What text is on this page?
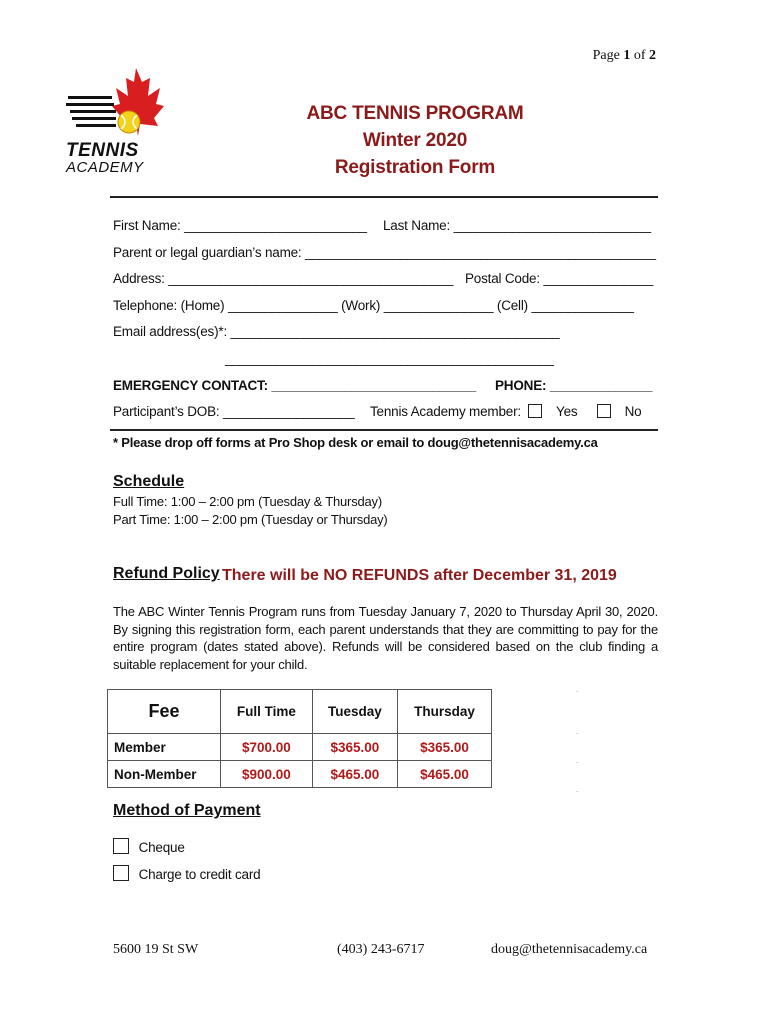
Page 1 of 2
TENNIS
ACADEMY
ABC TENNIS PROGRAM
Winter 2020
Registration Form
First Name: _________________________ Last Name: ___________________________
Parent or legal guardian’s name: ________________________________________________
Address: _______________________________________ Postal Code: _______________
Telephone: (Home) _______________ (Work) _______________ (Cell) ______________
Email address(es)*: _____________________________________________
_____________________________________________
EMERGENCY CONTACT: ____________________________ PHONE: ______________
Participant’s DOB: __________________ Tennis Academy member:	Yes	No
* Please drop off forms at Pro Shop desk or email to doug@thetennisacademy.ca
Schedule
Full Time: 1:00 – 2:00 pm (Tuesday & Thursday)
Part Time: 1:00 – 2:00 pm (Tuesday or Thursday)
Refund Policy There will be NO REFUNDS after December 31, 2019
The ABC Winter Tennis Program runs from Tuesday January 7, 2020 to Thursday April 30, 2020. By signing this registration form, each parent understands that they are committing to pay for the entire program (dates stated above). Refunds will be considered based on the club finding a suitable replacement for your child.
Fee	Full Time	Tuesday	Thursday
Member	$700.00	$365.00	$365.00
Non-Member	$900.00	$465.00	$465.00
.
.
.
.
Method of Payment
Cheque
Charge to credit card
5600 19 St SW	(403) 243-6717	doug@thetennisacademy.ca
